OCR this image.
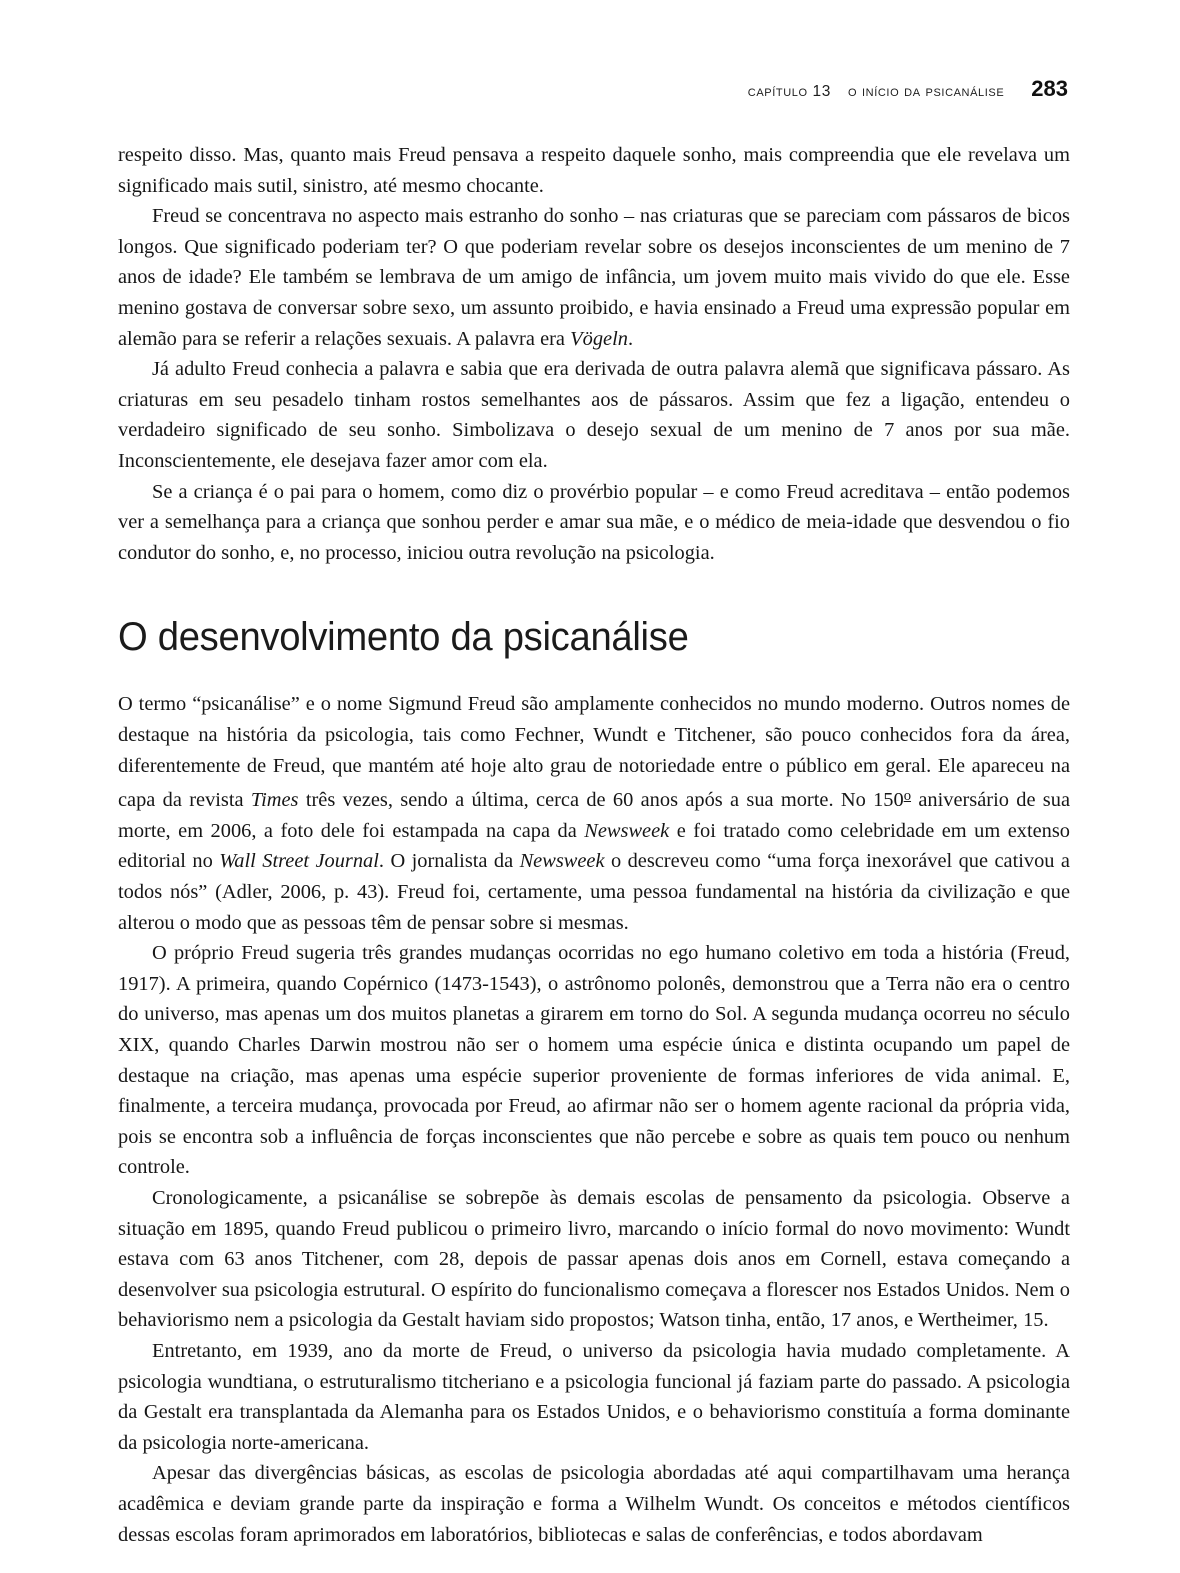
capítulo 13 o início da psicanálise 283

respeito disso. Mas, quanto mais Freud pensava a respeito daquele sonho, mais compreendia que ele revelava um significado mais sutil, sinistro, até mesmo chocante.

Freud se concentrava no aspecto mais estranho do sonho – nas criaturas que se pareciam com pássaros de bicos longos. Que significado poderiam ter? O que poderiam revelar sobre os desejos inconscientes de um menino de 7 anos de idade? Ele também se lembrava de um amigo de infância, um jovem muito mais vivido do que ele. Esse menino gostava de conversar sobre sexo, um assunto proibido, e havia ensinado a Freud uma expressão popular em alemão para se referir a relações sexuais. A palavra era Vögeln.

Já adulto Freud conhecia a palavra e sabia que era derivada de outra palavra alemã que significava pássaro. As criaturas em seu pesadelo tinham rostos semelhantes aos de pássaros. Assim que fez a ligação, entendeu o verdadeiro significado de seu sonho. Simbolizava o desejo sexual de um menino de 7 anos por sua mãe. Inconscientemente, ele desejava fazer amor com ela.

Se a criança é o pai para o homem, como diz o provérbio popular – e como Freud acreditava – então podemos ver a semelhança para a criança que sonhou perder e amar sua mãe, e o médico de meia-idade que desvendou o fio condutor do sonho, e, no processo, iniciou outra revolução na psicologia.

O desenvolvimento da psicanálise

O termo “psicanálise” e o nome Sigmund Freud são amplamente conhecidos no mundo moderno. Outros nomes de destaque na história da psicologia, tais como Fechner, Wundt e Titchener, são pouco conhecidos fora da área, diferentemente de Freud, que mantém até hoje alto grau de notoriedade entre o público em geral. Ele apareceu na capa da revista Times três vezes, sendo a última, cerca de 60 anos após a sua morte. No 150$^o$ aniversário de sua morte, em 2006, a foto dele foi estampada na capa da Newsweek e foi tratado como celebridade em um extenso editorial no Wall Street Journal. O jornalista da Newsweek o descreveu como “uma força inexorável que cativou a todos nós” (Adler, 2006, p. 43). Freud foi, certamente, uma pessoa fundamental na história da civilização e que alterou o modo que as pessoas têm de pensar sobre si mesmas.

O próprio Freud sugeria três grandes mudanças ocorridas no ego humano coletivo em toda a história (Freud, 1917). A primeira, quando Copérnico (1473-1543), o astrônomo polonês, demonstrou que a Terra não era o centro do universo, mas apenas um dos muitos planetas a girarem em torno do Sol. A segunda mudança ocorreu no século XIX, quando Charles Darwin mostrou não ser o homem uma espécie única e distinta ocupando um papel de destaque na criação, mas apenas uma espécie superior proveniente de formas inferiores de vida animal. E, finalmente, a terceira mudança, provocada por Freud, ao afirmar não ser o homem agente racional da própria vida, pois se encontra sob a influência de forças inconscientes que não percebe e sobre as quais tem pouco ou nenhum controle.

Cronologicamente, a psicanálise se sobrepõe às demais escolas de pensamento da psicologia. Observe a situação em 1895, quando Freud publicou o primeiro livro, marcando o início formal do novo movimento: Wundt estava com 63 anos Titchener, com 28, depois de passar apenas dois anos em Cornell, estava começando a desenvolver sua psicologia estrutural. O espírito do funcionalismo começava a florescer nos Estados Unidos. Nem o behaviorismo nem a psicologia da Gestalt haviam sido propostos; Watson tinha, então, 17 anos, e Wertheimer, 15.

Entretanto, em 1939, ano da morte de Freud, o universo da psicologia havia mudado completamente. A psicologia wundtiana, o estruturalismo titcheriano e a psicologia funcional já faziam parte do passado. A psicologia da Gestalt era transplantada da Alemanha para os Estados Unidos, e o behaviorismo constituía a forma dominante da psicologia norte-americana.

Apesar das divergências básicas, as escolas de psicologia abordadas até aqui compartilhavam uma herança acadêmica e deviam grande parte da inspiração e forma a Wilhelm Wundt. Os conceitos e métodos científicos dessas escolas foram aprimorados em laboratórios, bibliotecas e salas de conferências, e todos abordavam
